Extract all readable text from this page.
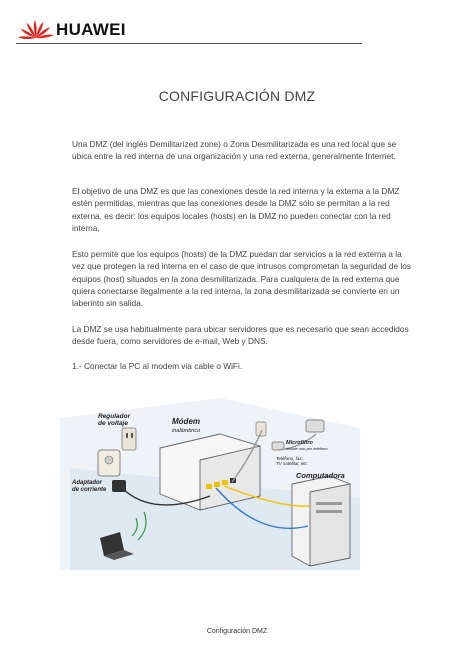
HUAWEI
CONFIGURACIÓN DMZ

Una DMZ (del inglés Demilitarized zone) o Zona Desmilitarizada es una red local que se ubica entre la red interna de una organización y una red externa, generalmente Internet.

El objetivo de una DMZ es que las conexiones desde la red interna y la externa a la DMZ estén permitidas, mientras que las conexiones desde la DMZ sólo se permitan a la red externa, es decir: los equipos locales (hosts) en la DMZ no pueden conectar con la red interna.

Esto permite que los equipos (hosts) de la DMZ puedan dar servicios a la red externa a la vez que protegen la red interna en el caso de que intrusos comprometan la seguridad de los equipos (host) situados en la zona desmilitarizada. Para cualquiera de la red externa que quiera conectarse ilegalmente a la red interna, la zona desmilitarizada se convierte en un laberinto sin salida.

La DMZ se usa habitualmente para ubicar servidores que es necesario que sean accedidos desde fuera, como servidores de e-mail, Web y DNS.

1.- Conectar la PC al modem via cable o WiFi.

Regulador de voltaje	Módem
inalámbrico
Microfiltro
instale uno por teléfono
Teléfono, fax, TV satelital, etc.
Computadora
Adaptador de corriente
Configuración DMZ
